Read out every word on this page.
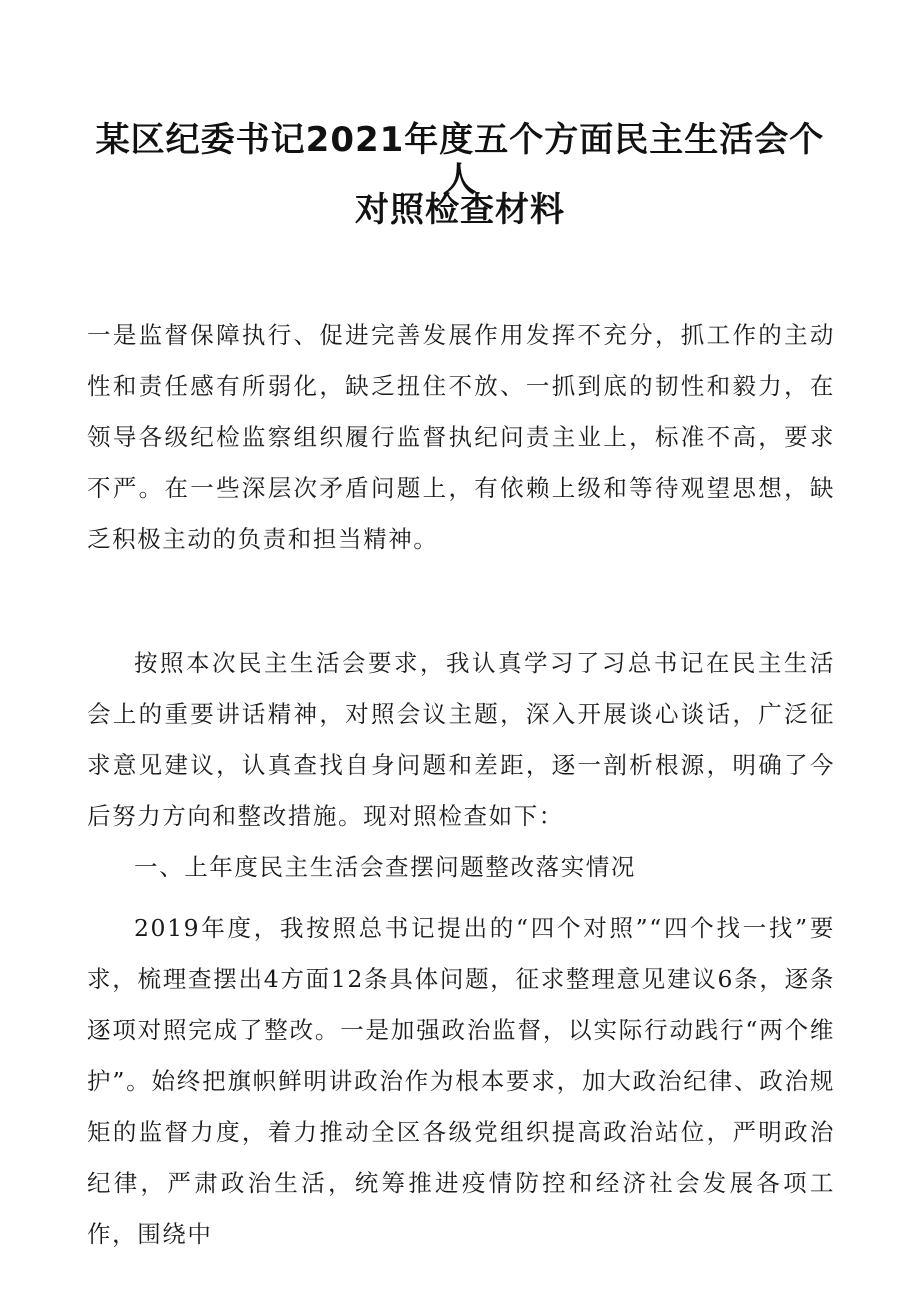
某区纪委书记2021年度五个方面民主生活会个人
对照检查材料

一是监督保障执行、促进完善发展作用发挥不充分，抓工作的主动性和责任感有所弱化，缺乏扭住不放、一抓到底的韧性和毅力，在领导各级纪检监察组织履行监督执纪问责主业上，标准不高，要求不严。在一些深层次矛盾问题上，有依赖上级和等待观望思想，缺乏积极主动的负责和担当精神。

按照本次民主生活会要求，我认真学习了习总书记在民主生活会上的重要讲话精神，对照会议主题，深入开展谈心谈话，广泛征求意见建议，认真查找自身问题和差距，逐一剖析根源，明确了今后努力方向和整改措施。现对照检查如下：

一、上年度民主生活会查摆问题整改落实情况

2019年度，我按照总书记提出的“四个对照”“四个找一找”要求，梳理查摆出4方面12条具体问题，征求整理意见建议6条，逐条逐项对照完成了整改。一是加强政治监督，以实际行动践行“两个维护”。始终把旗帜鲜明讲政治作为根本要求，加大政治纪律、政治规矩的监督力度，着力推动全区各级党组织提高政治站位，严明政治纪律，严肃政治生活，统筹推进疫情防控和经济社会发展各项工作，围绕中
